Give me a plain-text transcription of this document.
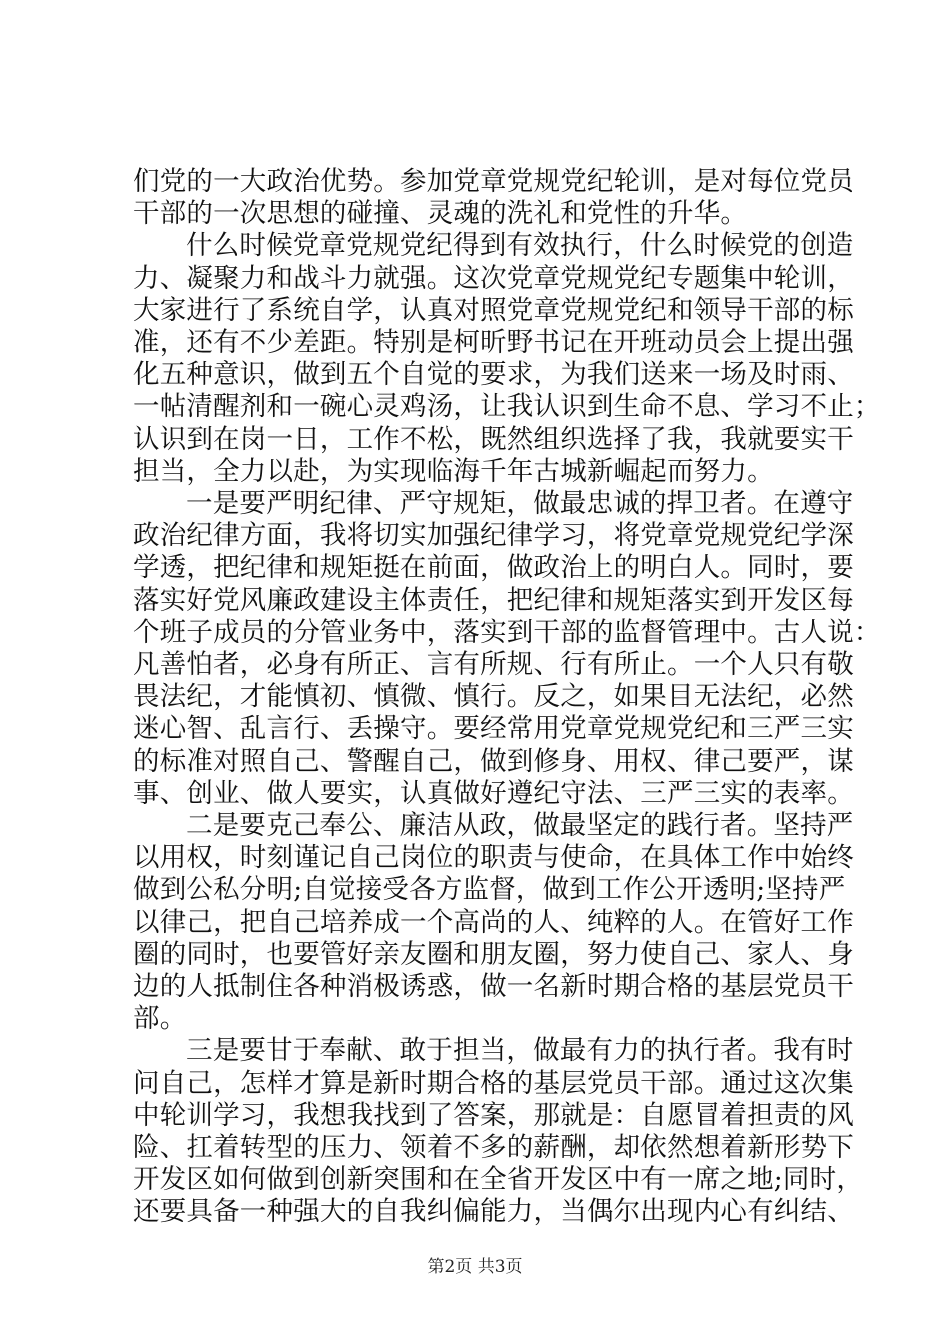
们党的一大政治优势。参加党章党规党纪轮训，是对每位党员
干部的一次思想的碰撞、灵魂的洗礼和党性的升华。
什么时候党章党规党纪得到有效执行，什么时候党的创造
力、凝聚力和战斗力就强。这次党章党规党纪专题集中轮训，
大家进行了系统自学，认真对照党章党规党纪和领导干部的标
准，还有不少差距。特别是柯昕野书记在开班动员会上提出强
化五种意识，做到五个自觉的要求，为我们送来一场及时雨、
一帖清醒剂和一碗心灵鸡汤，让我认识到生命不息、学习不止；
认识到在岗一日，工作不松，既然组织选择了我，我就要实干
担当，全力以赴，为实现临海千年古城新崛起而努力。
一是要严明纪律、严守规矩，做最忠诚的捍卫者。在遵守
政治纪律方面，我将切实加强纪律学习，将党章党规党纪学深
学透，把纪律和规矩挺在前面，做政治上的明白人。同时，要
落实好党风廉政建设主体责任，把纪律和规矩落实到开发区每
个班子成员的分管业务中，落实到干部的监督管理中。古人说：
凡善怕者，必身有所正、言有所规、行有所止。一个人只有敬
畏法纪，才能慎初、慎微、慎行。反之，如果目无法纪，必然
迷心智、乱言行、丢操守。要经常用党章党规党纪和三严三实
的标准对照自己、警醒自己，做到修身、用权、律己要严，谋
事、创业、做人要实，认真做好遵纪守法、三严三实的表率。
二是要克己奉公、廉洁从政，做最坚定的践行者。坚持严
以用权，时刻谨记自己岗位的职责与使命，在具体工作中始终
做到公私分明;自觉接受各方监督，做到工作公开透明;坚持严
以律己，把自己培养成一个高尚的人、纯粹的人。在管好工作
圈的同时，也要管好亲友圈和朋友圈，努力使自己、家人、身
边的人抵制住各种消极诱惑，做一名新时期合格的基层党员干
部。
三是要甘于奉献、敢于担当，做最有力的执行者。我有时
问自己，怎样才算是新时期合格的基层党员干部。通过这次集
中轮训学习，我想我找到了答案，那就是：自愿冒着担责的风
险、扛着转型的压力、领着不多的薪酬，却依然想着新形势下
开发区如何做到创新突围和在全省开发区中有一席之地;同时，
还要具备一种强大的自我纠偏能力，当偶尔出现内心有纠结、
第2页 共3页
